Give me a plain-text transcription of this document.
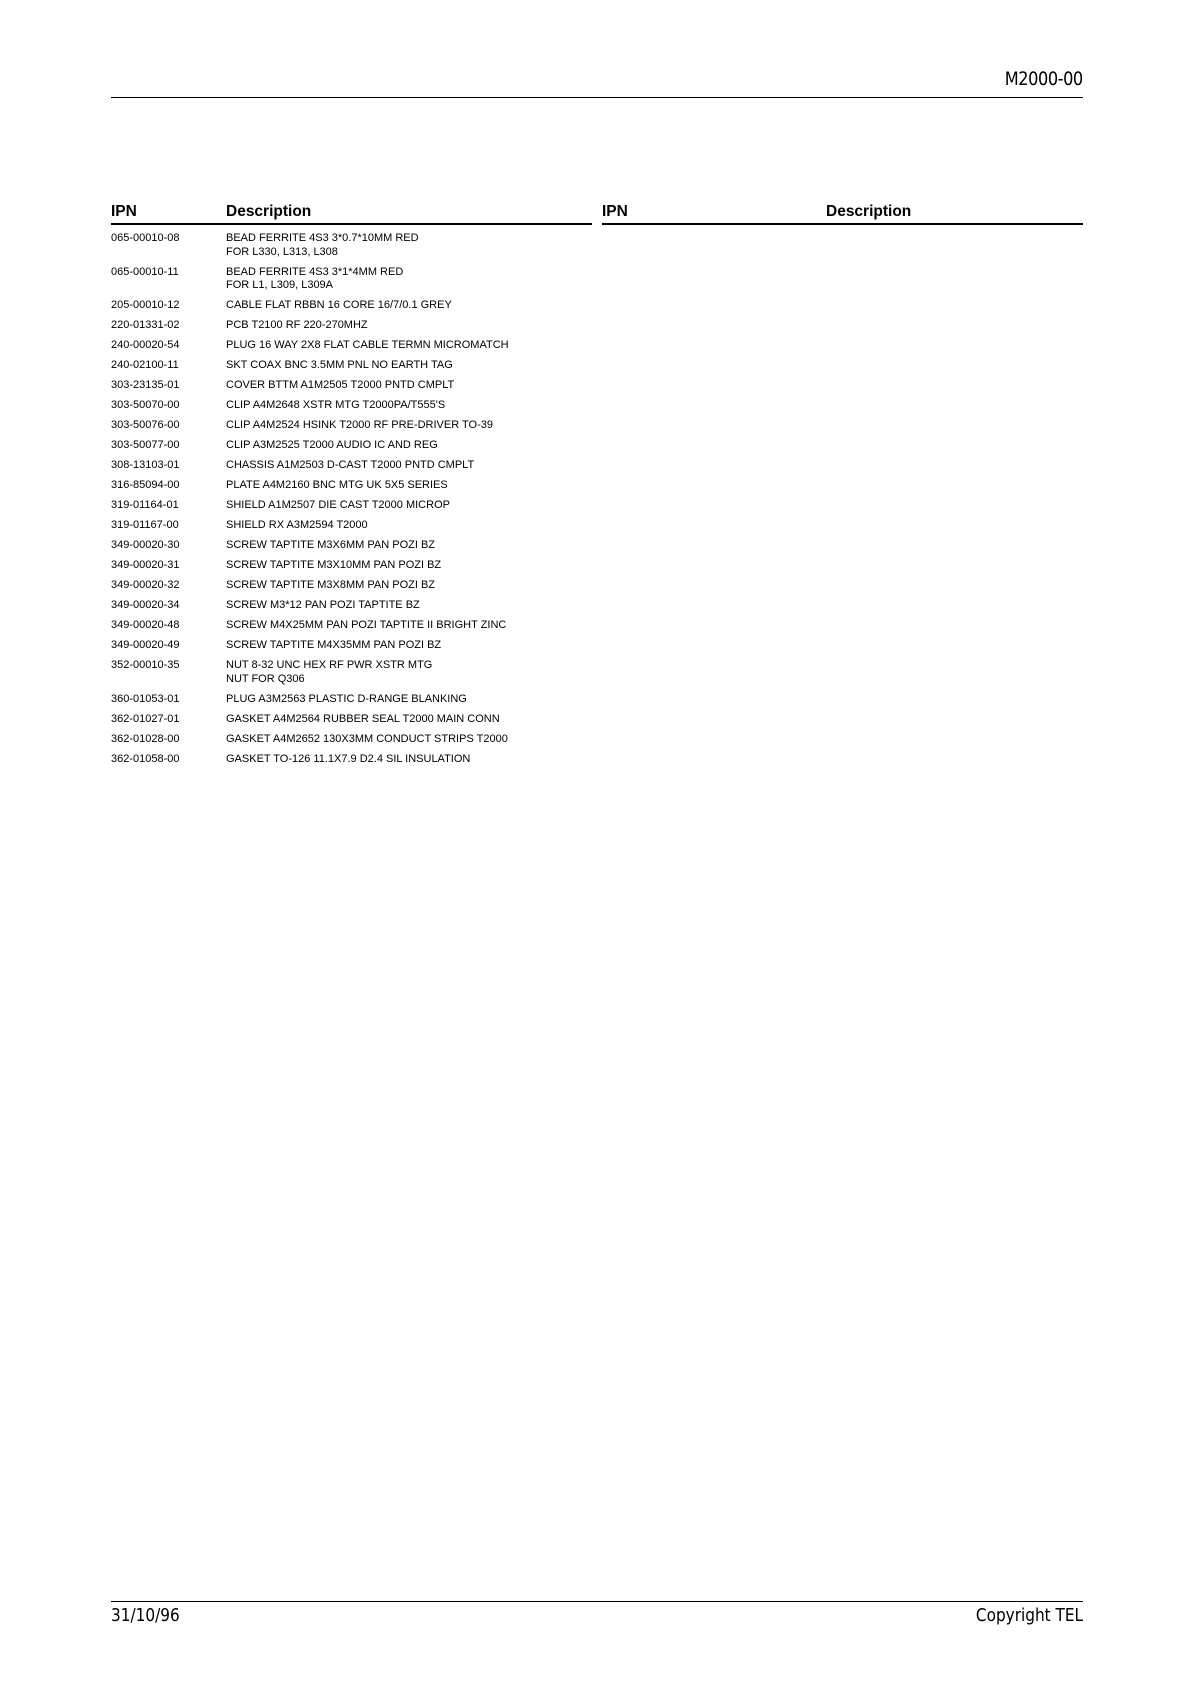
M2000-00
IPN	Description
065-00010-08	BEAD FERRITE 4S3 3*0.7*10MM RED
FOR L330, L313, L308
065-00010-11	BEAD FERRITE 4S3 3*1*4MM RED
FOR L1, L309, L309A
205-00010-12	CABLE FLAT RBBN 16 CORE 16/7/0.1 GREY
220-01331-02	PCB T2100 RF 220-270MHZ
240-00020-54	PLUG 16 WAY 2X8 FLAT CABLE TERMN MICROMATCH
240-02100-11	SKT COAX BNC 3.5MM PNL NO EARTH TAG
303-23135-01	COVER BTTM A1M2505 T2000 PNTD CMPLT
303-50070-00	CLIP A4M2648 XSTR MTG T2000PA/T555'S
303-50076-00	CLIP A4M2524 HSINK T2000 RF PRE-DRIVER TO-39
303-50077-00	CLIP A3M2525 T2000 AUDIO IC AND REG
308-13103-01	CHASSIS A1M2503 D-CAST T2000 PNTD CMPLT
316-85094-00	PLATE A4M2160 BNC MTG UK 5X5 SERIES
319-01164-01	SHIELD A1M2507 DIE CAST T2000 MICROP
319-01167-00	SHIELD RX A3M2594 T2000
349-00020-30	SCREW TAPTITE M3X6MM PAN POZI BZ
349-00020-31	SCREW TAPTITE M3X10MM PAN POZI BZ
349-00020-32	SCREW TAPTITE M3X8MM PAN POZI BZ
349-00020-34	SCREW M3*12 PAN POZI TAPTITE BZ
349-00020-48	SCREW M4X25MM PAN POZI TAPTITE II BRIGHT ZINC
349-00020-49	SCREW TAPTITE M4X35MM PAN POZI BZ
352-00010-35	NUT 8-32 UNC HEX RF PWR XSTR MTG
NUT FOR Q306
360-01053-01	PLUG A3M2563 PLASTIC D-RANGE BLANKING
362-01027-01	GASKET A4M2564 RUBBER SEAL T2000 MAIN CONN
362-01028-00	GASKET A4M2652 130X3MM CONDUCT STRIPS T2000
362-01058-00	GASKET TO-126 11.1X7.9 D2.4 SIL INSULATION
IPN	Description
31/10/96	Copyright TEL
